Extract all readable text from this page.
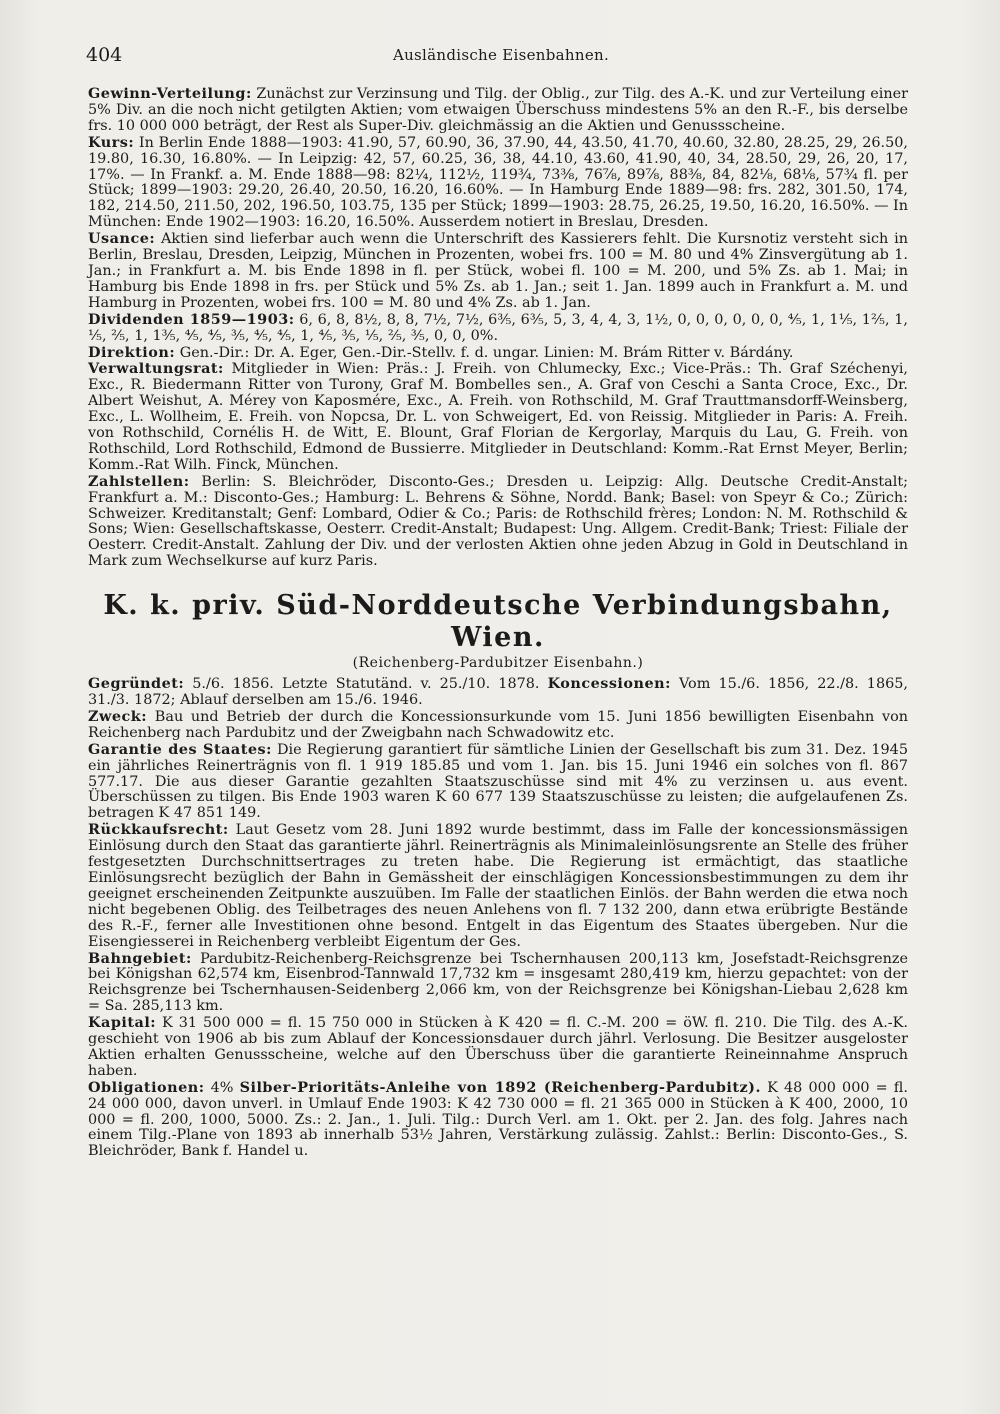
404	Ausländische Eisenbahnen.

Gewinn-Verteilung: Zunächst zur Verzinsung und Tilg. der Oblig., zur Tilg. des A.-K. und zur Verteilung einer 5% Div. an die noch nicht getilgten Aktien; vom etwaigen Überschuss mindestens 5% an den R.-F., bis derselbe frs. 10 000 000 beträgt, der Rest als Super-Div. gleichmässig an die Aktien und Genussscheine.

Kurs: In Berlin Ende 1888—1903: 41.90, 57, 60.90, 36, 37.90, 44, 43.50, 41.70, 40.60, 32.80, 28.25, 29, 26.50, 19.80, 16.30, 16.80%. — In Leipzig: 42, 57, 60.25, 36, 38, 44.10, 43.60, 41.90, 40, 34, 28.50, 29, 26, 20, 17, 17%. — In Frankf. a. M. Ende 1888—98: 82¼, 112½, 119¾, 73⅜, 76⅞, 89⅞, 88⅜, 84, 82⅛, 68⅛, 57¾ fl. per Stück; 1899—1903: 29.20, 26.40, 20.50, 16.20, 16.60%. — In Hamburg Ende 1889—98: frs. 282, 301.50, 174, 182, 214.50, 211.50, 202, 196.50, 103.75, 135 per Stück; 1899—1903: 28.75, 26.25, 19.50, 16.20, 16.50%. — In München: Ende 1902—1903: 16.20, 16.50%. Ausserdem notiert in Breslau, Dresden.

Usance: Aktien sind lieferbar auch wenn die Unterschrift des Kassierers fehlt. Die Kursnotiz versteht sich in Berlin, Breslau, Dresden, Leipzig, München in Prozenten, wobei frs. 100 = M. 80 und 4% Zinsvergütung ab 1. Jan.; in Frankfurt a. M. bis Ende 1898 in fl. per Stück, wobei fl. 100 = M. 200, und 5% Zs. ab 1. Mai; in Hamburg bis Ende 1898 in frs. per Stück und 5% Zs. ab 1. Jan.; seit 1. Jan. 1899 auch in Frankfurt a. M. und Hamburg in Prozenten, wobei frs. 100 = M. 80 und 4% Zs. ab 1. Jan.

Dividenden 1859—1903: 6, 6, 8, 8½, 8, 8, 7½, 7½, 6⅗, 6⅗, 5, 3, 4, 4, 3, 1½, 0, 0, 0, 0, 0, 0, ⅘, 1, 1⅕, 1⅖, 1, ⅕, ⅖, 1, 1⅗, ⅘, ⅘, ⅗, ⅘, ⅘, 1, ⅘, ⅗, ⅕, ⅖, ⅗, 0, 0, 0%.

Direktion: Gen.-Dir.: Dr. A. Eger, Gen.-Dir.-Stellv. f. d. ungar. Linien: M. Brám Ritter v. Bárdány.

Verwaltungsrat: Mitglieder in Wien: Präs.: J. Freih. von Chlumecky, Exc.; Vice-Präs.: Th. Graf Széchenyi, Exc., R. Biedermann Ritter von Turony, Graf M. Bombelles sen., A. Graf von Ceschi a Santa Croce, Exc., Dr. Albert Weishut, A. Mérey von Kaposmére, Exc., A. Freih. von Rothschild, M. Graf Trauttmansdorff-Weinsberg, Exc., L. Wollheim, E. Freih. von Nopcsa, Dr. L. von Schweigert, Ed. von Reissig. Mitglieder in Paris: A. Freih. von Rothschild, Cornélis H. de Witt, E. Blount, Graf Florian de Kergorlay, Marquis du Lau, G. Freih. von Rothschild, Lord Rothschild, Edmond de Bussierre. Mitglieder in Deutschland: Komm.-Rat Ernst Meyer, Berlin; Komm.-Rat Wilh. Finck, München.

Zahlstellen: Berlin: S. Bleichröder, Disconto-Ges.; Dresden u. Leipzig: Allg. Deutsche Credit-Anstalt; Frankfurt a. M.: Disconto-Ges.; Hamburg: L. Behrens & Söhne, Nordd. Bank; Basel: von Speyr & Co.; Zürich: Schweizer. Kreditanstalt; Genf: Lombard, Odier & Co.; Paris: de Rothschild frères; London: N. M. Rothschild & Sons; Wien: Gesellschaftskasse, Oesterr. Credit-Anstalt; Budapest: Ung. Allgem. Credit-Bank; Triest: Filiale der Oesterr. Credit-Anstalt. Zahlung der Div. und der verlosten Aktien ohne jeden Abzug in Gold in Deutschland in Mark zum Wechselkurse auf kurz Paris.

K. k. priv. Süd-Norddeutsche Verbindungsbahn, Wien.
(Reichenberg-Pardubitzer Eisenbahn.)

Gegründet: 5./6. 1856. Letzte Statutänd. v. 25./10. 1878. Koncessionen: Vom 15./6. 1856, 22./8. 1865, 31./3. 1872; Ablauf derselben am 15./6. 1946.

Zweck: Bau und Betrieb der durch die Koncessionsurkunde vom 15. Juni 1856 bewilligten Eisenbahn von Reichenberg nach Pardubitz und der Zweigbahn nach Schwadowitz etc.

Garantie des Staates: Die Regierung garantiert für sämtliche Linien der Gesellschaft bis zum 31. Dez. 1945 ein jährliches Reinerträgnis von fl. 1 919 185.85 und vom 1. Jan. bis 15. Juni 1946 ein solches von fl. 867 577.17. Die aus dieser Garantie gezahlten Staatszuschüsse sind mit 4% zu verzinsen u. aus event. Überschüssen zu tilgen. Bis Ende 1903 waren K 60 677 139 Staatszuschüsse zu leisten; die aufgelaufenen Zs. betragen K 47 851 149.

Rückkaufsrecht: Laut Gesetz vom 28. Juni 1892 wurde bestimmt, dass im Falle der koncessionsmässigen Einlösung durch den Staat das garantierte jährl. Reinerträgnis als Minimaleinlösungsrente an Stelle des früher festgesetzten Durchschnittsertrages zu treten habe. Die Regierung ist ermächtigt, das staatliche Einlösungsrecht bezüglich der Bahn in Gemässheit der einschlägigen Koncessionsbestimmungen zu dem ihr geeignet erscheinenden Zeitpunkte auszuüben. Im Falle der staatlichen Einlös. der Bahn werden die etwa noch nicht begebenen Oblig. des Teilbetrages des neuen Anlehens von fl. 7 132 200, dann etwa erübrigte Bestände des R.-F., ferner alle Investitionen ohne besond. Entgelt in das Eigentum des Staates übergeben. Nur die Eisengiesserei in Reichenberg verbleibt Eigentum der Ges.

Bahngebiet: Pardubitz-Reichenberg-Reichsgrenze bei Tschernhausen 200,113 km, Josefstadt-Reichsgrenze bei Königshan 62,574 km, Eisenbrod-Tannwald 17,732 km = insgesamt 280,419 km, hierzu gepachtet: von der Reichsgrenze bei Tschernhausen-Seidenberg 2,066 km, von der Reichsgrenze bei Königshan-Liebau 2,628 km = Sa. 285,113 km.

Kapital: K 31 500 000 = fl. 15 750 000 in Stücken à K 420 = fl. C.-M. 200 = öW. fl. 210. Die Tilg. des A.-K. geschieht von 1906 ab bis zum Ablauf der Koncessionsdauer durch jährl. Verlosung. Die Besitzer ausgeloster Aktien erhalten Genussscheine, welche auf den Überschuss über die garantierte Reineinnahme Anspruch haben.

Obligationen: 4% Silber-Prioritäts-Anleihe von 1892 (Reichenberg-Pardubitz). K 48 000 000 = fl. 24 000 000, davon unverl. in Umlauf Ende 1903: K 42 730 000 = fl. 21 365 000 in Stücken à K 400, 2000, 10 000 = fl. 200, 1000, 5000. Zs.: 2. Jan., 1. Juli. Tilg.: Durch Verl. am 1. Okt. per 2. Jan. des folg. Jahres nach einem Tilg.-Plane von 1893 ab innerhalb 53½ Jahren, Verstärkung zulässig. Zahlst.: Berlin: Disconto-Ges., S. Bleichröder, Bank f. Handel u.
